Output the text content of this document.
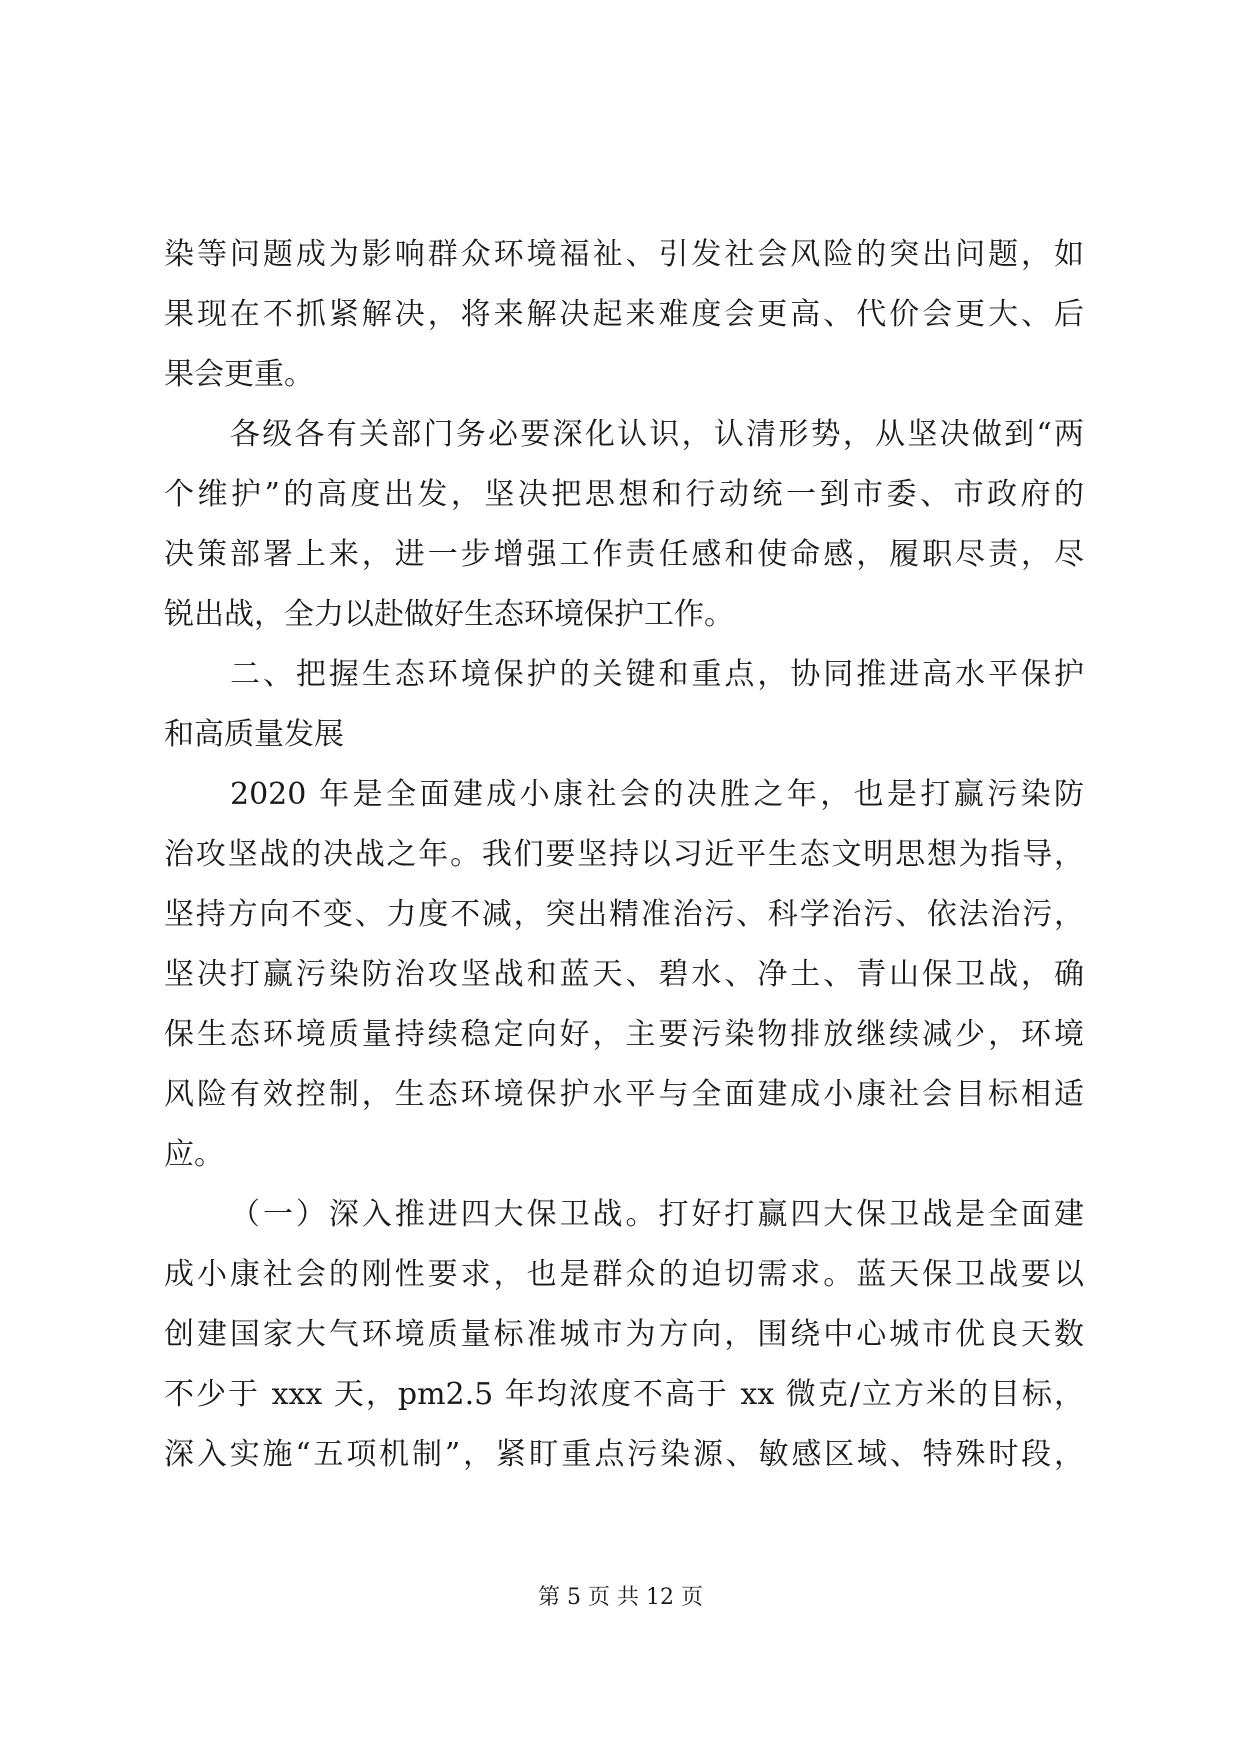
染等问题成为影响群众环境福祉、引发社会风险的突出问题，如
果现在不抓紧解决，将来解决起来难度会更高、代价会更大、后
果会更重。
各级各有关部门务必要深化认识，认清形势，从坚决做到“两
个维护”的高度出发，坚决把思想和行动统一到市委、市政府的
决策部署上来，进一步增强工作责任感和使命感，履职尽责，尽
锐出战，全力以赴做好生态环境保护工作。
二、把握生态环境保护的关键和重点，协同推进高水平保护
和高质量发展
2020 年是全面建成小康社会的决胜之年，也是打赢污染防
治攻坚战的决战之年。我们要坚持以习近平生态文明思想为指导，
坚持方向不变、力度不减，突出精准治污、科学治污、依法治污，
坚决打赢污染防治攻坚战和蓝天、碧水、净土、青山保卫战，确
保生态环境质量持续稳定向好，主要污染物排放继续减少，环境
风险有效控制，生态环境保护水平与全面建成小康社会目标相适
应。
（一）深入推进四大保卫战。打好打赢四大保卫战是全面建
成小康社会的刚性要求，也是群众的迫切需求。蓝天保卫战要以
创建国家大气环境质量标准城市为方向，围绕中心城市优良天数
不少于 xxx 天，pm2.5 年均浓度不高于 xx 微克/立方米的目标，
深入实施“五项机制”，紧盯重点污染源、敏感区域、特殊时段，
第 5 页 共 12 页
